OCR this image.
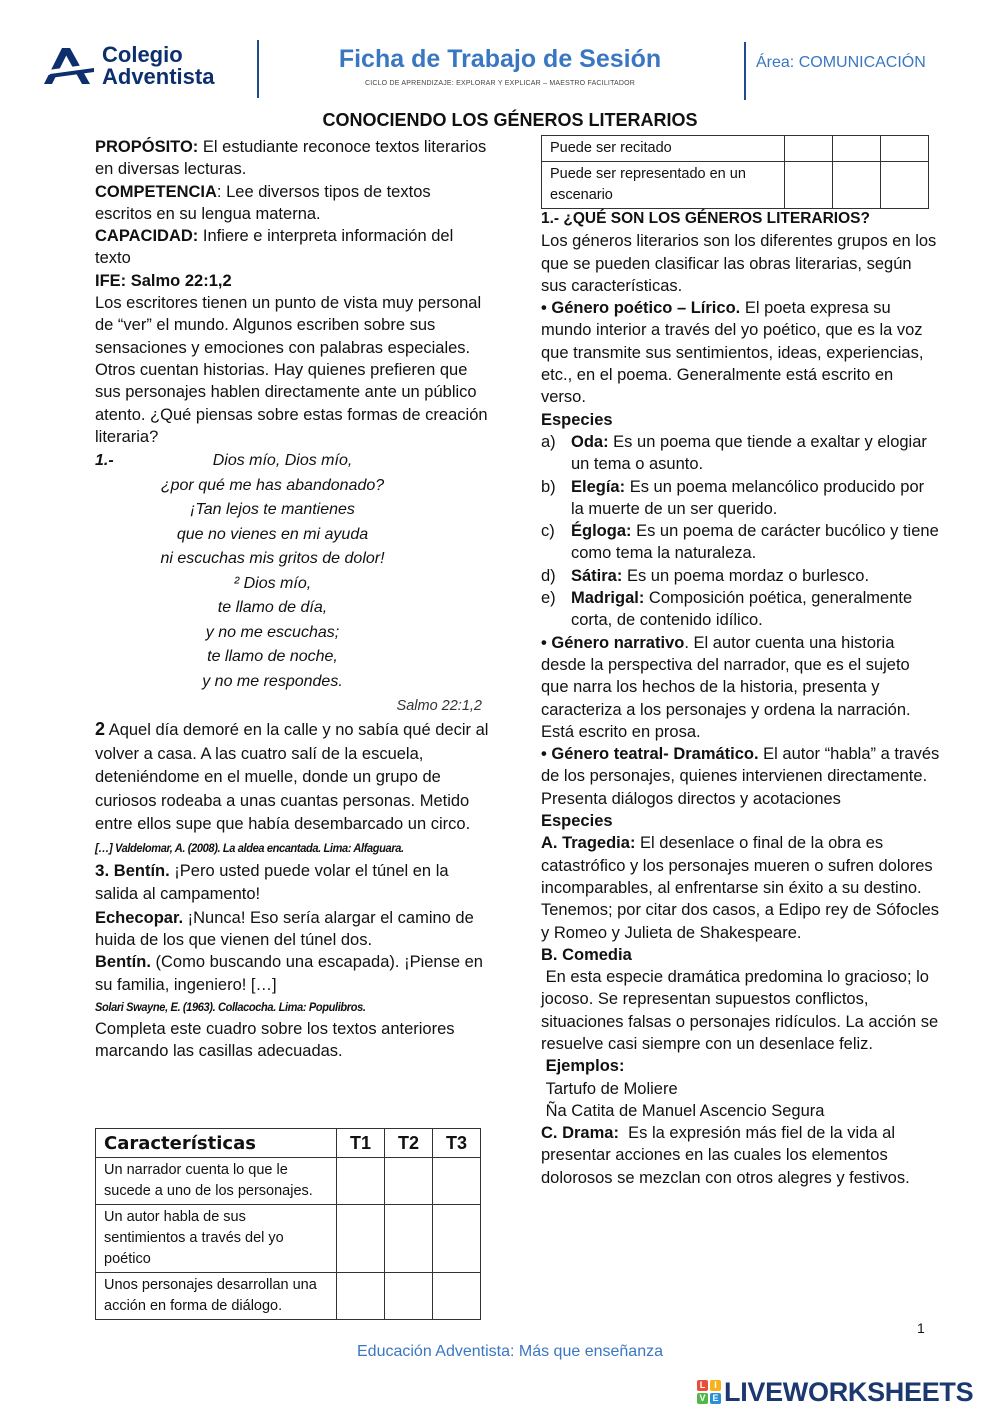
Colegio
Adventista
Ficha de Trabajo de Sesión
CICLO DE APRENDIZAJE: EXPLORAR Y EXPLICAR – MAESTRO FACILITADOR
Área: COMUNICACIÓN
CONOCIENDO LOS GÉNEROS LITERARIOS
Puede ser recitado			
Puede ser representado en un escenario			

PROPÓSITO: El estudiante reconoce textos literarios en diversas lecturas.

COMPETENCIA: Lee diversos tipos de textos escritos en su lengua materna.

CAPACIDAD: Infiere e interpreta información del texto

IFE: Salmo 22:1,2

Los escritores tienen un punto de vista muy personal de “ver” el mundo. Algunos escriben sobre sus sensaciones y emociones con palabras especiales.

Otros cuentan historias. Hay quienes prefieren que sus personajes hablen directamente ante un público atento. ¿Qué piensas sobre estas formas de creación literaria?

1.-	Dios mío, Dios mío,
¿por qué me has abandonado?
¡Tan lejos te mantienes
que no vienes en mi ayuda
ni escuchas mis gritos de dolor!
² Dios mío,
te llamo de día,
y no me escuchas;
te llamo de noche,
y no me respondes.
Salmo 22:1,2

2 Aquel día demoré en la calle y no sabía qué decir al volver a casa. A las cuatro salí de la escuela, deteniéndome en el muelle, donde un grupo de curiosos rodeaba a unas cuantas personas. Metido entre ellos supe que había desembarcado un circo.

[…] Valdelomar, A. (2008). La aldea encantada. Lima: Alfaguara.

3. Bentín. ¡Pero usted puede volar el túnel en la salida al campamento!

Echecopar. ¡Nunca! Eso sería alargar el camino de huida de los que vienen del túnel dos.

Bentín. (Como buscando una escapada). ¡Piense en su familia, ingeniero! […]

Solari Swayne, E. (1963). Collacocha. Lima: Populibros.

Completa este cuadro sobre los textos anteriores marcando las casillas adecuadas.

Características	T1	T2	T3
Un narrador cuenta lo que le sucede a uno de los personajes.			
Un autor habla de sus sentimientos a través del yo poético			
Unos personajes desarrollan una acción en forma de diálogo.			

1.- ¿QUÉ SON LOS GÉNEROS LITERARIOS?

Los géneros literarios son los diferentes grupos en los que se pueden clasificar las obras literarias, según sus características.

• Género poético – Lírico. El poeta expresa su mundo interior a través del yo poético, que es la voz que transmite sus sentimientos, ideas, experiencias, etc., en el poema. Generalmente está escrito en verso.

Especies

a) Oda: Es un poema que tiende a exaltar y elogiar un tema o asunto.
b) Elegía: Es un poema melancólico producido por la muerte de un ser querido.
c) Égloga: Es un poema de carácter bucólico y tiene como tema la naturaleza.
d) Sátira: Es un poema mordaz o burlesco.
e) Madrigal: Composición poética, generalmente corta, de contenido idílico.

• Género narrativo. El autor cuenta una historia desde la perspectiva del narrador, que es el sujeto que narra los hechos de la historia, presenta y caracteriza a los personajes y ordena la narración. Está escrito en prosa.

• Género teatral- Dramático. El autor “habla” a través de los personajes, quienes intervienen directamente. Presenta diálogos directos y acotaciones

Especies

A. Tragedia: El desenlace o final de la obra es catastrófico y los personajes mueren o sufren dolores incomparables, al enfrentarse sin éxito a su destino. Tenemos; por citar dos casos, a Edipo rey de Sófocles y Romeo y Julieta de Shakespeare.

B. Comedia

En esta especie dramática predomina lo gracioso; lo jocoso. Se representan supuestos conflictos, situaciones falsas o personajes ridículos. La acción se resuelve casi siempre con un desenlace feliz.

Ejemplos:

Tartufo de Moliere

Ña Catita de Manuel Ascencio Segura

C. Drama:  Es la expresión más fiel de la vida al presentar acciones en las cuales los elementos dolorosos se mezclan con otros alegres y festivos.

1
Educación Adventista: Más que enseñanza
L I
V E LIVEWORKSHEETS
